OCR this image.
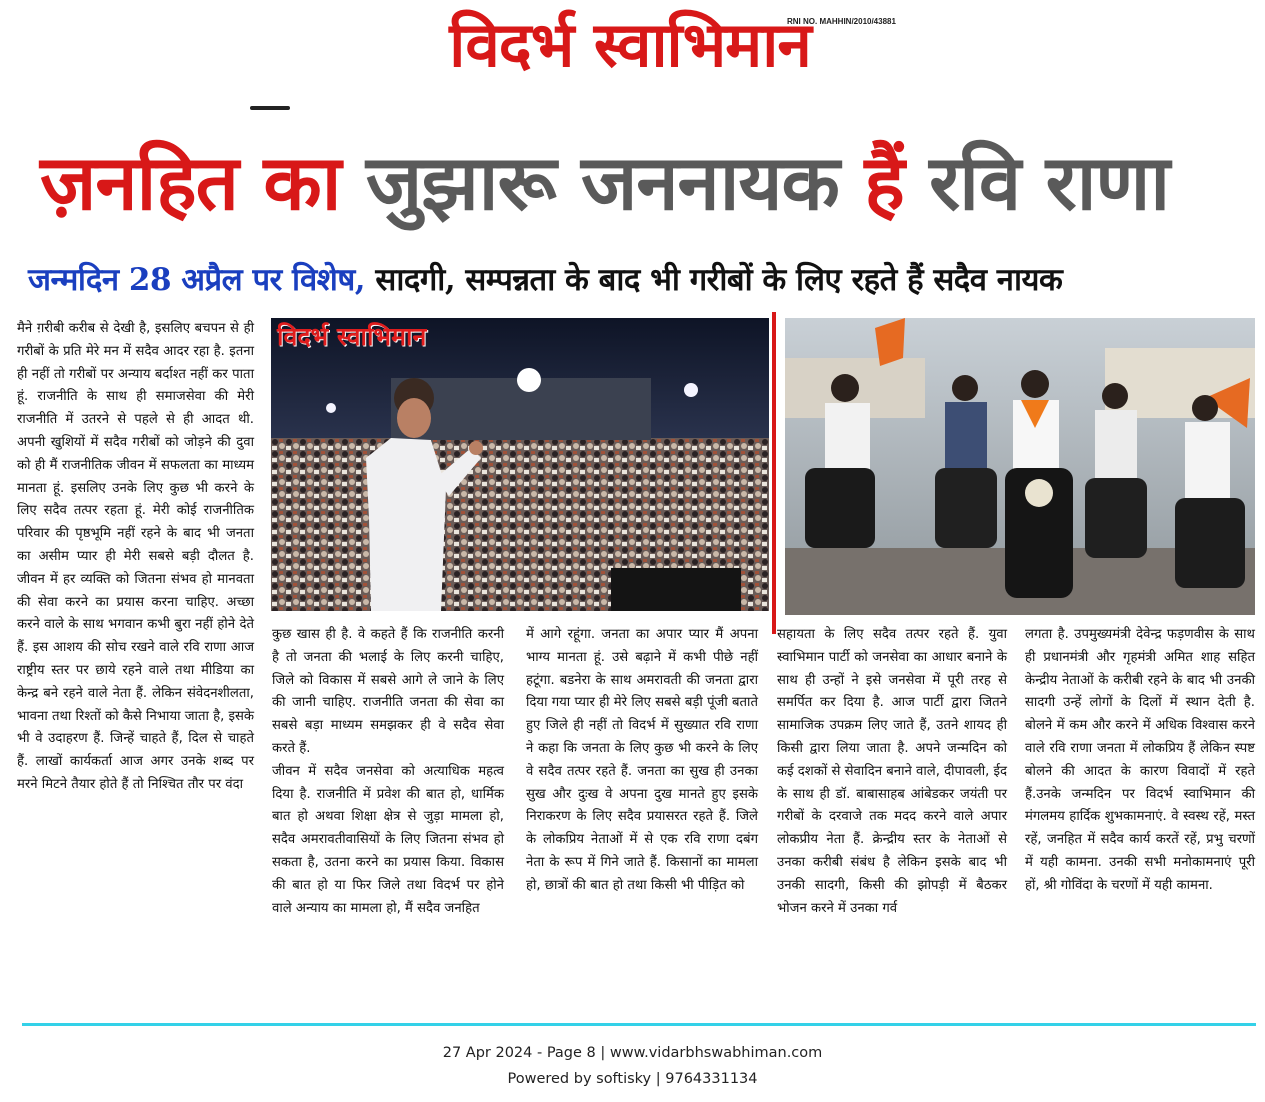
विदर्भ स्वाभिमान
RNI NO. MAHHIN/2010/43881
ज़नहित का जुझारू जननायक हैं रवि राणा
जन्मदिन 28 अप्रैल पर विशेष, सादगी, सम्पन्नता के बाद भी गरीबों के लिए रहते हैं सदैव नायक
मैने ग़रीबी करीब से देखी है, इसलिए बचपन से ही गरीबों के प्रति मेरे मन में सदैव आदर रहा है. इतना ही नहीं तो गरीबों पर अन्याय बर्दाश्त नहीं कर पाता हूं. राजनीति के साथ ही समाजसेवा की मेरी राजनीति में उतरने से पहले से ही आदत थी. अपनी खुशियों में सदैव गरीबों को जोड़ने की दुवा को ही मैं राजनीतिक जीवन में सफलता का माध्यम मानता हूं. इसलिए उनके लिए कुछ भी करने के लिए सदैव तत्पर रहता हूं. मेरी कोई राजनीतिक परिवार की पृष्ठभूमि नहीं रहने के बाद भी जनता का असीम प्यार ही मेरी सबसे बड़ी दौलत है. जीवन में हर व्यक्ति को जितना संभव हो मानवता की सेवा करने का प्रयास करना चाहिए. अच्छा करने वाले के साथ भगवान कभी बुरा नहीं होने देते हैं. इस आशय की सोच रखने वाले रवि राणा आज राष्ट्रीय स्तर पर छाये रहने वाले तथा मीडिया का केन्द्र बने रहने वाले नेता हैं. लेकिन संवेदनशीलता, भावना तथा रिश्तों को कैसे निभाया जाता है, इसके भी वे उदाहरण हैं. जिन्हें चाहते हैं, दिल से चाहते हैं. लाखों कार्यकर्ता आज अगर उनके शब्द पर मरने मिटने तैयार होते हैं तो निश्चित तौर पर वंदा
विदर्भ स्वाभिमान
कुछ खास ही है. वे कहते हैं कि राजनीति करनी है तो जनता की भलाई के लिए करनी चाहिए, जिले को विकास में सबसे आगे ले जाने के लिए की जानी चाहिए. राजनीति जनता की सेवा का सबसे बड़ा माध्यम समझकर ही वे सदैव सेवा करते हैं.
जीवन में सदैव जनसेवा को अत्याधिक महत्व दिया है. राजनीति में प्रवेश की बात हो, धार्मिक बात हो अथवा शिक्षा क्षेत्र से जुड़ा मामला हो, सदैव अमरावतीवासियों के लिए जितना संभव हो सकता है, उतना करने का प्रयास किया. विकास की बात हो या फिर जिले तथा विदर्भ पर होने वाले अन्याय का मामला हो, मैं सदैव जनहित
में आगे रहूंगा. जनता का अपार प्यार मैं अपना भाग्य मानता हूं. उसे बढ़ाने में कभी पीछे नहीं हटूंगा. बडनेरा के साथ अमरावती की जनता द्वारा दिया गया प्यार ही मेरे लिए सबसे बड़ी पूंजी बताते हुए जिले ही नहीं तो विदर्भ में सुख्यात रवि राणा ने कहा कि जनता के लिए कुछ भी करने के लिए वे सदैव तत्पर रहते हैं. जनता का सुख ही उनका सुख और दुःख वे अपना दुख मानते हुए इसके निराकरण के लिए सदैव प्रयासरत रहते हैं. जिले के लोकप्रिय नेताओं में से एक रवि राणा दबंग नेता के रूप में गिने जाते हैं. किसानों का मामला हो, छात्रों की बात हो तथा किसी भी पीड़ित को
सहायता के लिए सदैव तत्पर रहते हैं. युवा स्वाभिमान पार्टी को जनसेवा का आधार बनाने के साथ ही उन्हों ने इसे जनसेवा में पूरी तरह से समर्पित कर दिया है. आज पार्टी द्वारा जितने सामाजिक उपक्रम लिए जाते हैं, उतने शायद ही किसी द्वारा लिया जाता है. अपने जन्मदिन को कई दशकों से सेवादिन बनाने वाले, दीपावली, ईद के साथ ही डॉ. बाबासाहब आंबेडकर जयंती पर गरीबों के दरवाजे तक मदद करने वाले अपार लोकप्रीय नेता हैं. क्रेन्द्रीय स्तर के नेताओं से उनका करीबी संबंध है लेकिन इसके बाद भी उनकी सादगी, किसी की झोपड़ी में बैठकर भोजन करने में उनका गर्व
लगता है. उपमुख्यमंत्री देवेन्द्र फड़णवीस के साथ ही प्रधानमंत्री और गृहमंत्री अमित शाह सहित केन्द्रीय नेताओं के करीबी रहने के बाद भी उनकी सादगी उन्हें लोगों के दिलों में स्थान देती है. बोलने में कम और करने में अधिक विश्वास करने वाले रवि राणा जनता में लोकप्रिय हैं लेकिन स्पष्ट बोलने की आदत के कारण विवादों में रहते हैं.उनके जन्मदिन पर विदर्भ स्वाभिमान की मंगलमय हार्दिक शुभकामनाएं. वे स्वस्थ रहें, मस्त रहें, जनहित में सदैव कार्य करतें रहें, प्रभु चरणों में यही कामना. उनकी सभी मनोकामनाएं पूरी हों, श्री गोविंदा के चरणों में यही कामना.
27 Apr 2024 - Page 8 | www.vidarbhswabhiman.com
Powered by softisky | 9764331134
